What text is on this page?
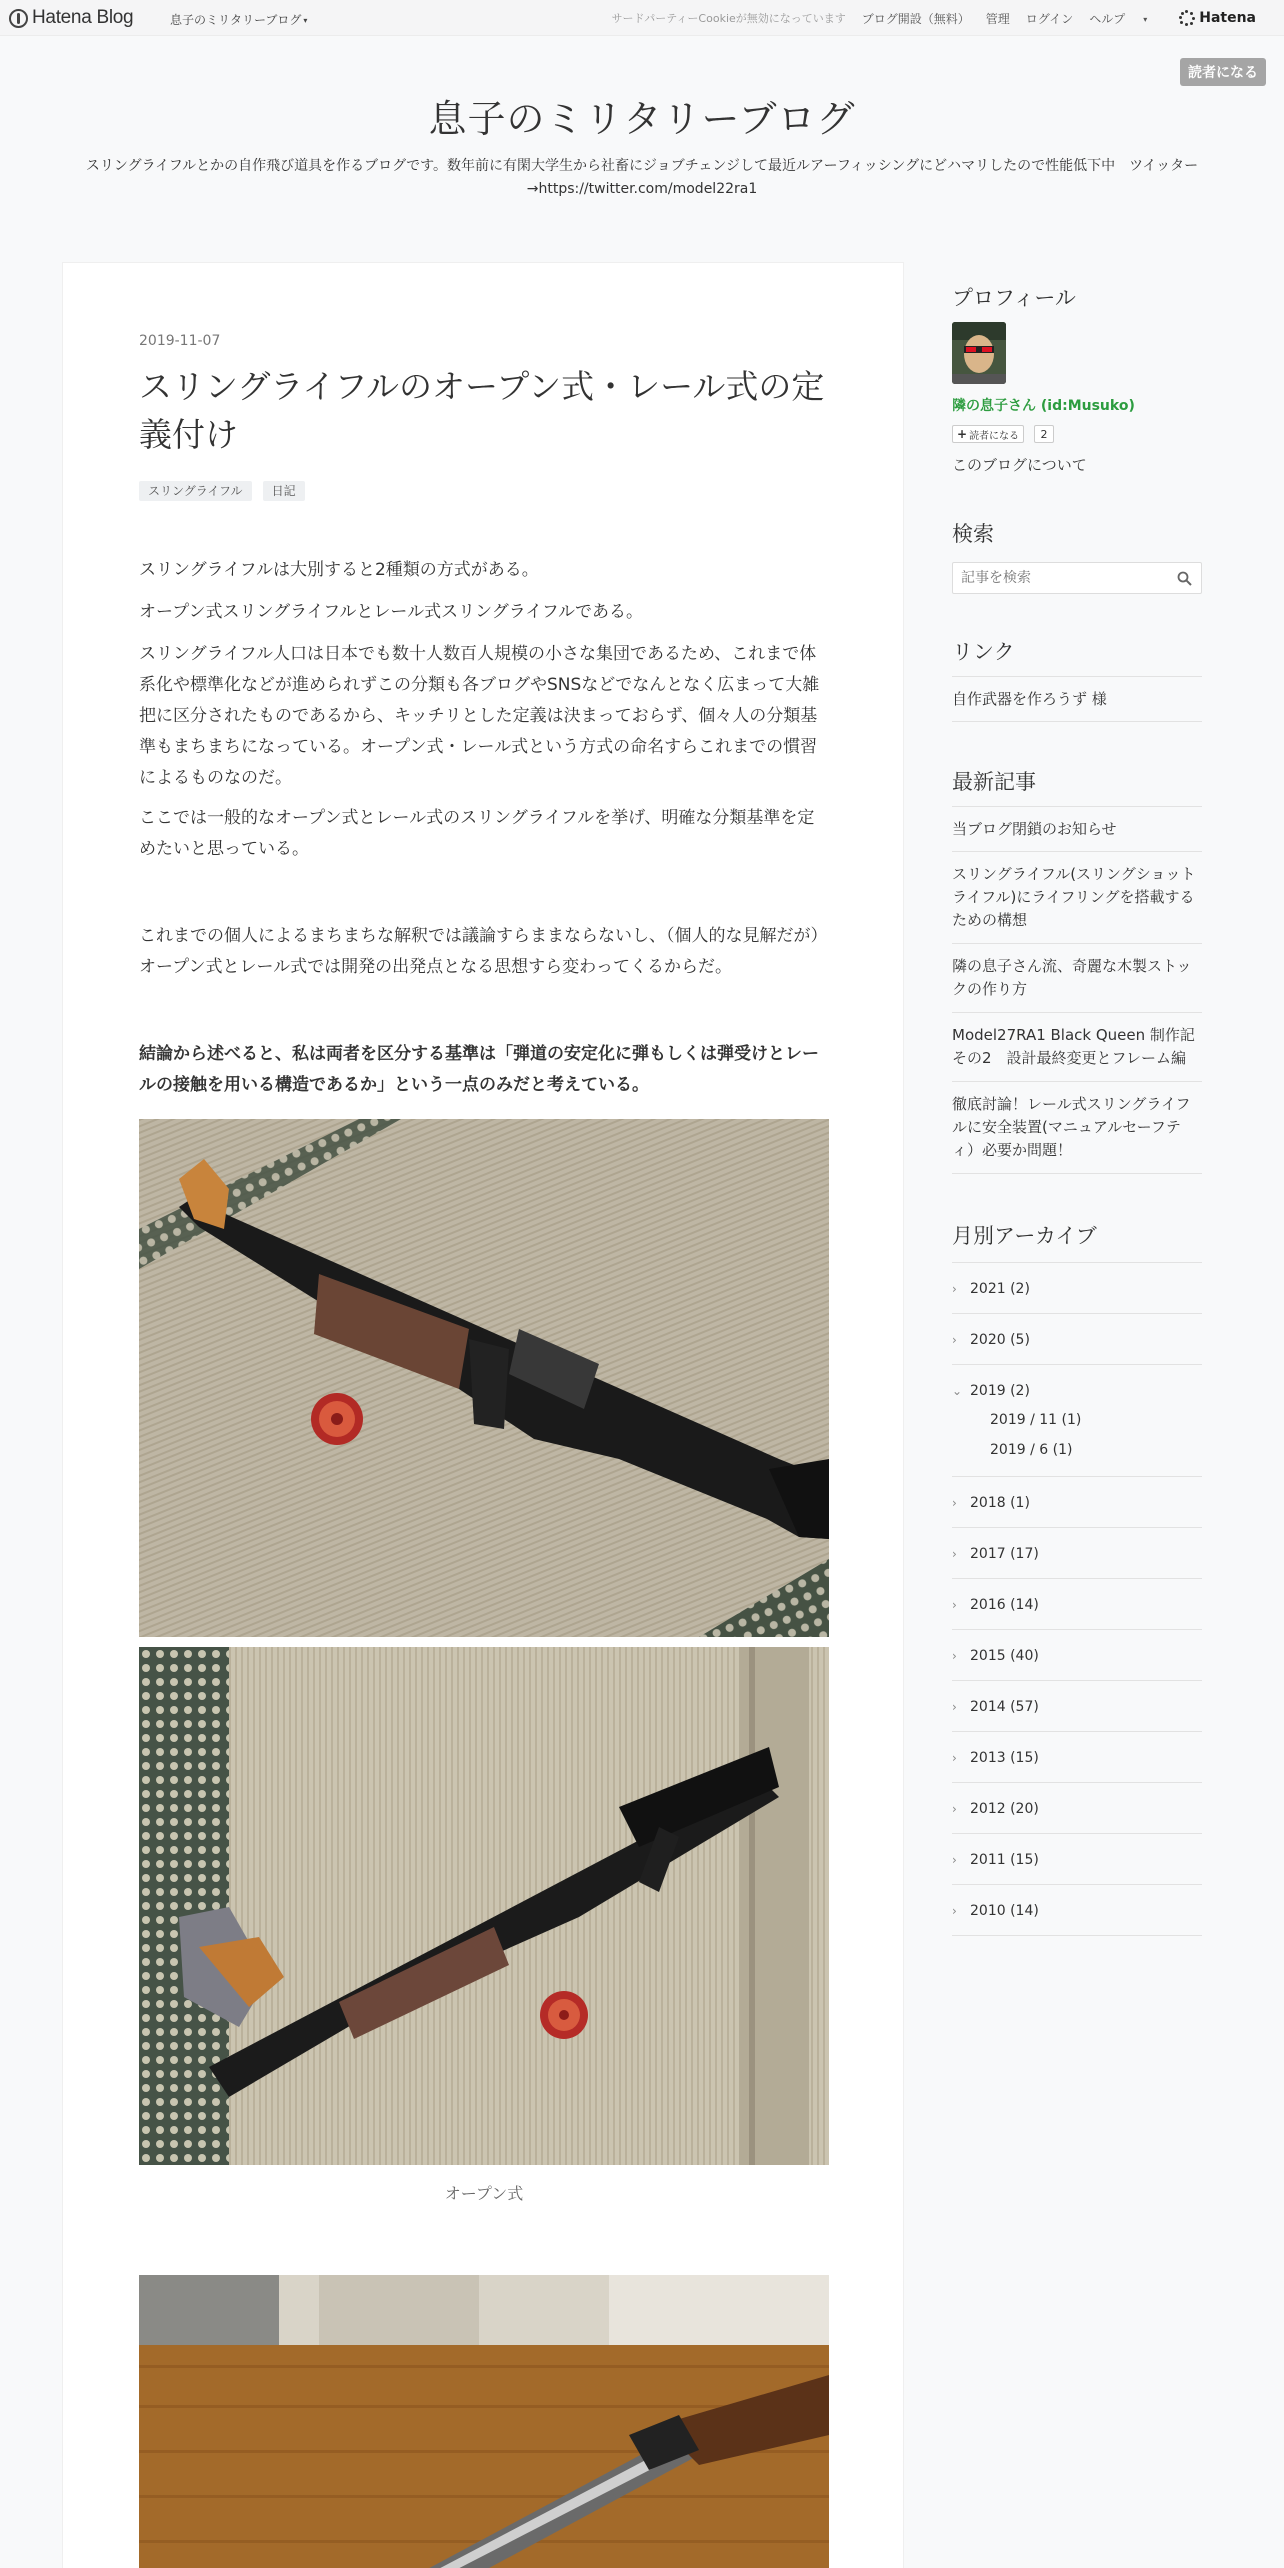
Hatena Blog	息子のミリタリーブログ ▾	サードパーティーCookieが無効になっています ブログ開設（無料） 管理 ログイン ヘルプ ▾	Hatena
読者になる
息子のミリタリーブログ
スリングライフルとかの自作飛び道具を作るブログです。数年前に有閑大学生から社畜にジョブチェンジして最近ルアーフィッシングにどハマリしたので性能低下中　ツイッター→https://twitter.com/model22ra1
2019-11-07
スリングライフルのオープン式・レール式の定義付け
スリングライフル	日記

スリングライフルは大別すると2種類の方式がある。

オープン式スリングライフルとレール式スリングライフルである。

スリングライフル人口は日本でも数十人数百人規模の小さな集団であるため、これまで体系化や標準化などが進められずこの分類も各ブログやSNSなどでなんとなく広まって大雑把に区分されたものであるから、キッチリとした定義は決まっておらず、個々人の分類基準もまちまちになっている。オープン式・レール式という方式の命名すらこれまでの慣習によるものなのだ。

ここでは一般的なオープン式とレール式のスリングライフルを挙げ、明確な分類基準を定めたいと思っている。

これまでの個人によるまちまちな解釈では議論すらままならないし、（個人的な見解だが）オープン式とレール式では開発の出発点となる思想すら変わってくるからだ。

結論から述べると、私は両者を区分する基準は「弾道の安定化に弾もしくは弾受けとレールの接触を用いる構造であるか」という一点のみだと考えている。

オープン式
プロフィール
隣の息子さん (id:Musuko)
+ 読者になる	2
このブログについて
検索
記事を検索
リンク
自作武器を作ろうず 様
最新記事
当ブログ閉鎖のお知らせ
スリングライフル(スリングショットライフル)にライフリングを搭載するための構想
隣の息子さん流、奇麗な木製ストックの作り方
Model27RA1 Black Queen 制作記 その2　設計最終変更とフレーム編
徹底討論！レール式スリングライフルに安全装置(マニュアルセーフティ）必要か問題！
月別アーカイブ
› 2021 (2)
› 2020 (5)
⌄ 2019 (2)
2019 / 11 (1)
2019 / 6 (1)
› 2018 (1)
› 2017 (17)
› 2016 (14)
› 2015 (40)
› 2014 (57)
› 2013 (15)
› 2012 (20)
› 2011 (15)
› 2010 (14)
